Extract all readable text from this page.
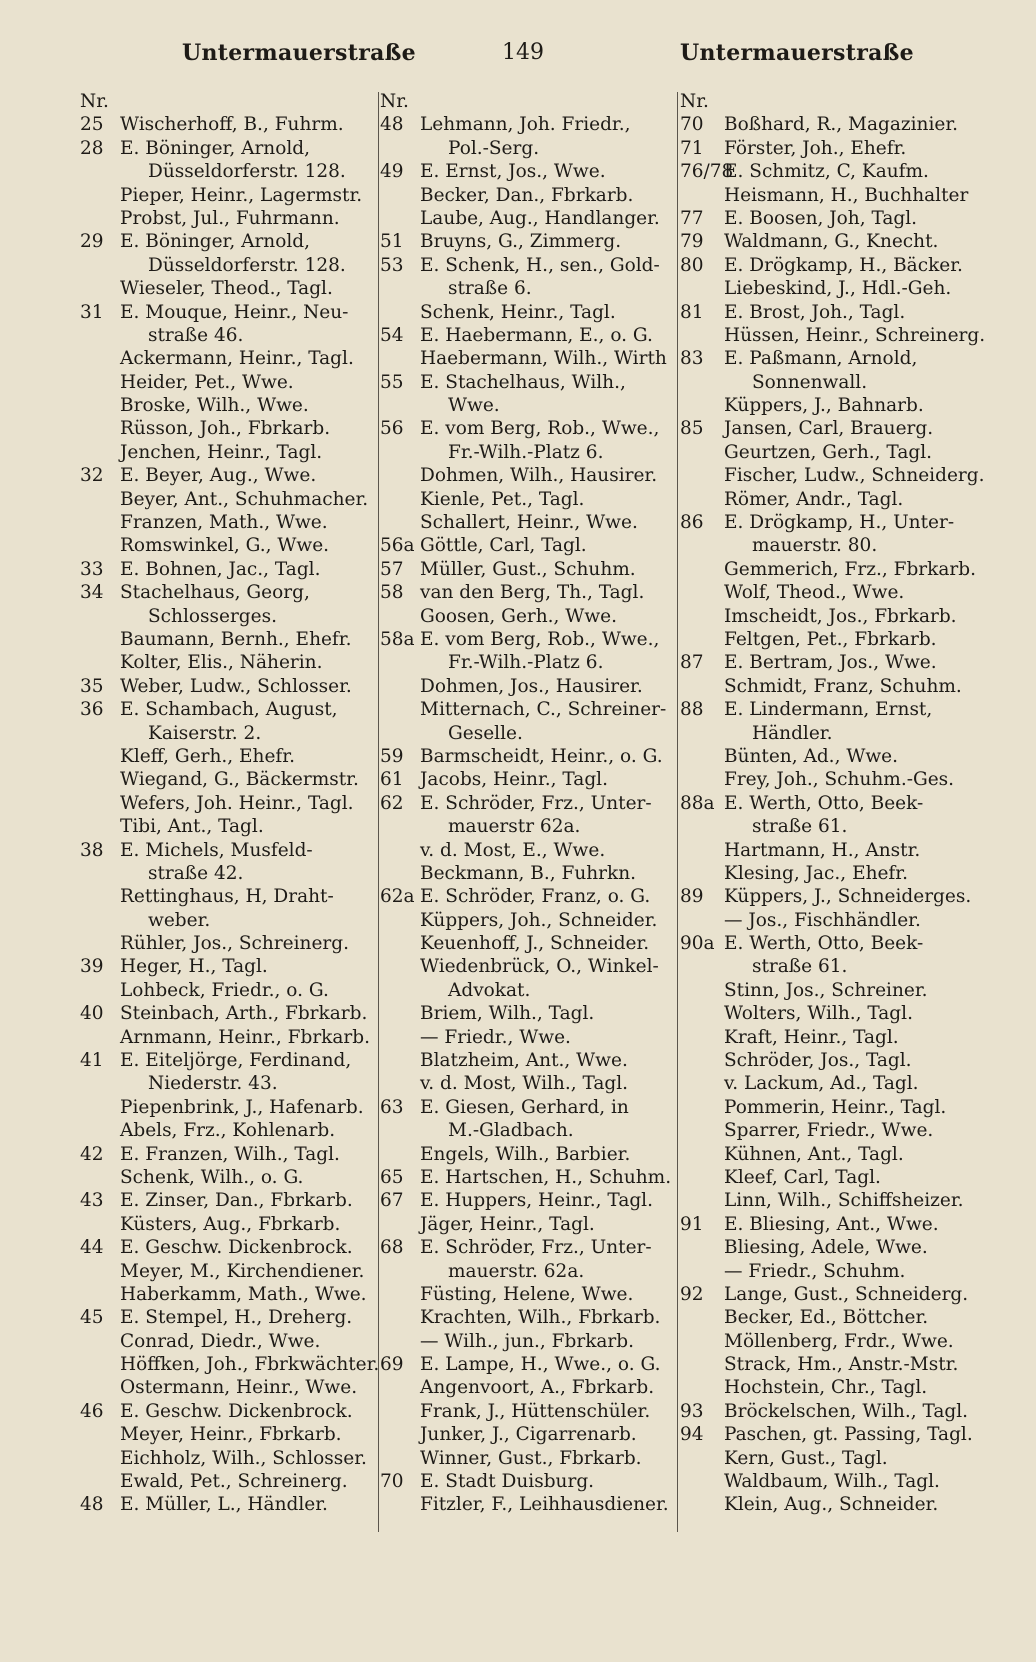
Untermauerstraße	149	Untermauerstraße
Nr.
25 Wischerhoff, B., Fuhrm.
28 E. Böninger, Arnold,
Düsseldorferstr. 128.
Pieper, Heinr., Lagermstr.
Probst, Jul., Fuhrmann.
29 E. Böninger, Arnold,
Düsseldorferstr. 128.
Wieseler, Theod., Tagl.
31 E. Mouque, Heinr., Neu-
straße 46.
Ackermann, Heinr., Tagl.
Heider, Pet., Wwe.
Broske, Wilh., Wwe.
Rüsson, Joh., Fbrkarb.
Jenchen, Heinr., Tagl.
32 E. Beyer, Aug., Wwe.
Beyer, Ant., Schuhmacher.
Franzen, Math., Wwe.
Romswinkel, G., Wwe.
33 E. Bohnen, Jac., Tagl.
34 Stachelhaus, Georg,
Schlosserges.
Baumann, Bernh., Ehefr.
Kolter, Elis., Näherin.
35 Weber, Ludw., Schlosser.
36 E. Schambach, August,
Kaiserstr. 2.
Kleff, Gerh., Ehefr.
Wiegand, G., Bäckermstr.
Wefers, Joh. Heinr., Tagl.
Tibi, Ant., Tagl.
38 E. Michels, Musfeld-
straße 42.
Rettinghaus, H, Draht-
weber.
Rühler, Jos., Schreinerg.
39 Heger, H., Tagl.
Lohbeck, Friedr., o. G.
40 Steinbach, Arth., Fbrkarb.
Arnmann, Heinr., Fbrkarb.
41 E. Eiteljörge, Ferdinand,
Niederstr. 43.
Piepenbrink, J., Hafenarb.
Abels, Frz., Kohlenarb.
42 E. Franzen, Wilh., Tagl.
Schenk, Wilh., o. G.
43 E. Zinser, Dan., Fbrkarb.
Küsters, Aug., Fbrkarb.
44 E. Geschw. Dickenbrock.
Meyer, M., Kirchendiener.
Haberkamm, Math., Wwe.
45 E. Stempel, H., Dreherg.
Conrad, Diedr., Wwe.
Höffken, Joh., Fbrkwächter.
Ostermann, Heinr., Wwe.
46 E. Geschw. Dickenbrock.
Meyer, Heinr., Fbrkarb.
Eichholz, Wilh., Schlosser.
Ewald, Pet., Schreinerg.
48 E. Müller, L., Händler.
Nr.
48 Lehmann, Joh. Friedr.,
Pol.-Serg.
49 E. Ernst, Jos., Wwe.
Becker, Dan., Fbrkarb.
Laube, Aug., Handlanger.
51 Bruyns, G., Zimmerg.
53 E. Schenk, H., sen., Gold-
straße 6.
Schenk, Heinr., Tagl.
54 E. Haebermann, E., o. G.
Haebermann, Wilh., Wirth
55 E. Stachelhaus, Wilh.,
Wwe.
56 E. vom Berg, Rob., Wwe.,
Fr.-Wilh.-Platz 6.
Dohmen, Wilh., Hausirer.
Kienle, Pet., Tagl.
Schallert, Heinr., Wwe.
56a Göttle, Carl, Tagl.
57 Müller, Gust., Schuhm.
58 van den Berg, Th., Tagl.
Goosen, Gerh., Wwe.
58a E. vom Berg, Rob., Wwe.,
Fr.-Wilh.-Platz 6.
Dohmen, Jos., Hausirer.
Mitternach, C., Schreiner-
Geselle.
59 Barmscheidt, Heinr., o. G.
61 Jacobs, Heinr., Tagl.
62 E. Schröder, Frz., Unter-
mauerstr 62a.
v. d. Most, E., Wwe.
Beckmann, B., Fuhrkn.
62a E. Schröder, Franz, o. G.
Küppers, Joh., Schneider.
Keuenhoff, J., Schneider.
Wiedenbrück, O., Winkel-
Advokat.
Briem, Wilh., Tagl.
— Friedr., Wwe.
Blatzheim, Ant., Wwe.
v. d. Most, Wilh., Tagl.
63 E. Giesen, Gerhard, in
M.-Gladbach.
Engels, Wilh., Barbier.
65 E. Hartschen, H., Schuhm.
67 E. Huppers, Heinr., Tagl.
Jäger, Heinr., Tagl.
68 E. Schröder, Frz., Unter-
mauerstr. 62a.
Füsting, Helene, Wwe.
Krachten, Wilh., Fbrkarb.
— Wilh., jun., Fbrkarb.
69 E. Lampe, H., Wwe., o. G.
Angenvoort, A., Fbrkarb.
Frank, J., Hüttenschüler.
Junker, J., Cigarrenarb.
Winner, Gust., Fbrkarb.
70 E. Stadt Duisburg.
Fitzler, F., Leihhausdiener.
Nr.
70 Boßhard, R., Magazinier.
71 Förster, Joh., Ehefr.
76/78
E. Schmitz, C, Kaufm.
Heismann, H., Buchhalter
77 E. Boosen, Joh, Tagl.
79 Waldmann, G., Knecht.
80 E. Drögkamp, H., Bäcker.
Liebeskind, J., Hdl.-Geh.
81 E. Brost, Joh., Tagl.
Hüssen, Heinr., Schreinerg.
83 E. Paßmann, Arnold,
Sonnenwall.
Küppers, J., Bahnarb.
85 Jansen, Carl, Brauerg.
Geurtzen, Gerh., Tagl.
Fischer, Ludw., Schneiderg.
Römer, Andr., Tagl.
86 E. Drögkamp, H., Unter-
mauerstr. 80.
Gemmerich, Frz., Fbrkarb.
Wolf, Theod., Wwe.
Imscheidt, Jos., Fbrkarb.
Feltgen, Pet., Fbrkarb.
87 E. Bertram, Jos., Wwe.
Schmidt, Franz, Schuhm.
88 E. Lindermann, Ernst,
Händler.
Bünten, Ad., Wwe.
Frey, Joh., Schuhm.-Ges.
88a E. Werth, Otto, Beek-
straße 61.
Hartmann, H., Anstr.
Klesing, Jac., Ehefr.
89 Küppers, J., Schneiderges.
— Jos., Fischhändler.
90a E. Werth, Otto, Beek-
straße 61.
Stinn, Jos., Schreiner.
Wolters, Wilh., Tagl.
Kraft, Heinr., Tagl.
Schröder, Jos., Tagl.
v. Lackum, Ad., Tagl.
Pommerin, Heinr., Tagl.
Sparrer, Friedr., Wwe.
Kühnen, Ant., Tagl.
Kleef, Carl, Tagl.
Linn, Wilh., Schiffsheizer.
91 E. Bliesing, Ant., Wwe.
Bliesing, Adele, Wwe.
— Friedr., Schuhm.
92 Lange, Gust., Schneiderg.
Becker, Ed., Böttcher.
Möllenberg, Frdr., Wwe.
Strack, Hm., Anstr.-Mstr.
Hochstein, Chr., Tagl.
93 Bröckelschen, Wilh., Tagl.
94 Paschen, gt. Passing, Tagl.
Kern, Gust., Tagl.
Waldbaum, Wilh., Tagl.
Klein, Aug., Schneider.
